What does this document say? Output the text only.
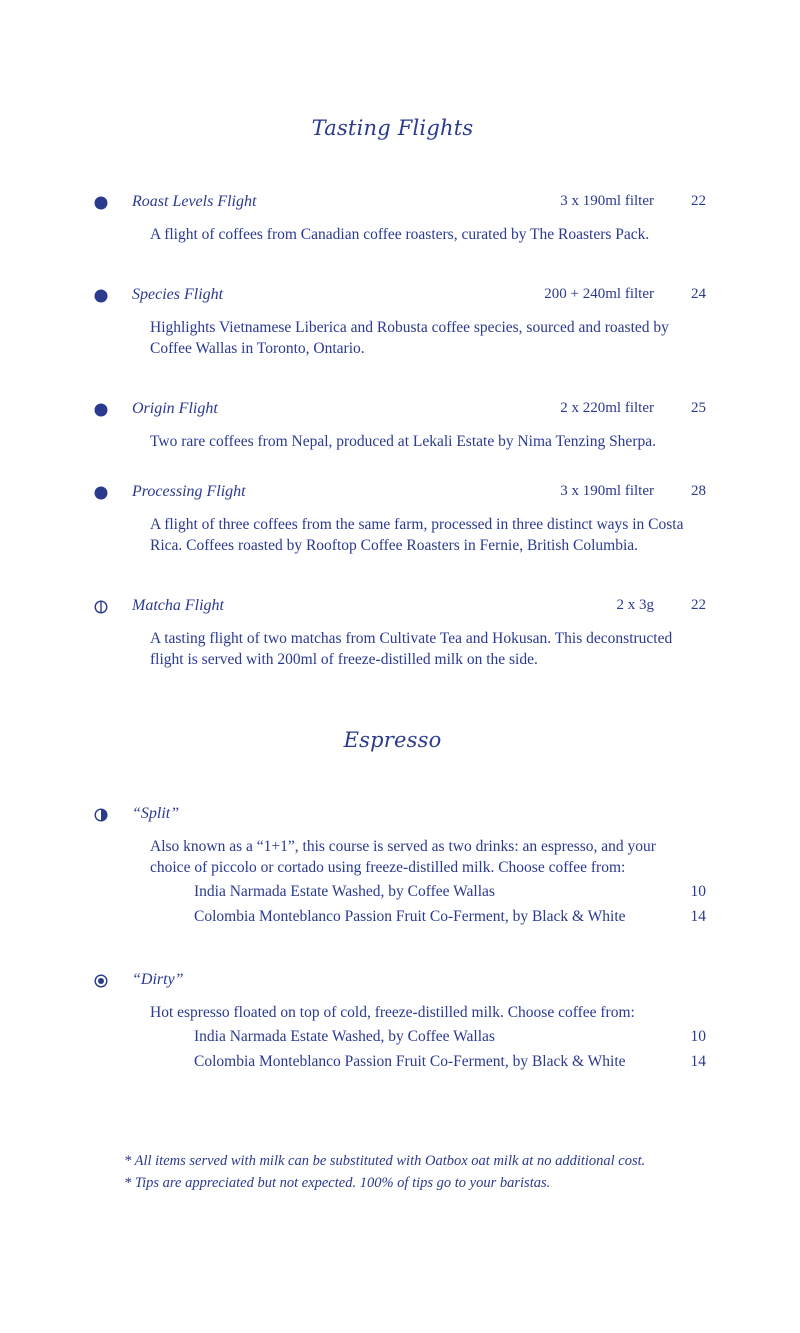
Tasting Flights
Roast Levels Flight	3 x 190ml filter 22
A flight of coffees from Canadian coffee roasters, curated by The Roasters Pack.
Species Flight	200 + 240ml filter 24
Highlights Vietnamese Liberica and Robusta coffee species, sourced and roasted by Coffee Wallas in Toronto, Ontario.
Origin Flight	2 x 220ml filter 25
Two rare coffees from Nepal, produced at Lekali Estate by Nima Tenzing Sherpa.
Processing Flight	3 x 190ml filter 28
A flight of three coffees from the same farm, processed in three distinct ways in Costa Rica. Coffees roasted by Rooftop Coffee Roasters in Fernie, British Columbia.
Matcha Flight	2 x 3g 22
A tasting flight of two matchas from Cultivate Tea and Hokusan. This deconstructed flight is served with 200ml of freeze-distilled milk on the side.
Espresso
“Split”
Also known as a “1+1”, this course is served as two drinks: an espresso, and your choice of piccolo or cortado using freeze-distilled milk. Choose coffee from:
India Narmada Estate Washed, by Coffee Wallas	10
Colombia Monteblanco Passion Fruit Co-Ferment, by Black & White	14
“Dirty”
Hot espresso floated on top of cold, freeze-distilled milk. Choose coffee from:
India Narmada Estate Washed, by Coffee Wallas	10
Colombia Monteblanco Passion Fruit Co-Ferment, by Black & White	14
* All items served with milk can be substituted with Oatbox oat milk at no additional cost.
* Tips are appreciated but not expected. 100% of tips go to your baristas.
